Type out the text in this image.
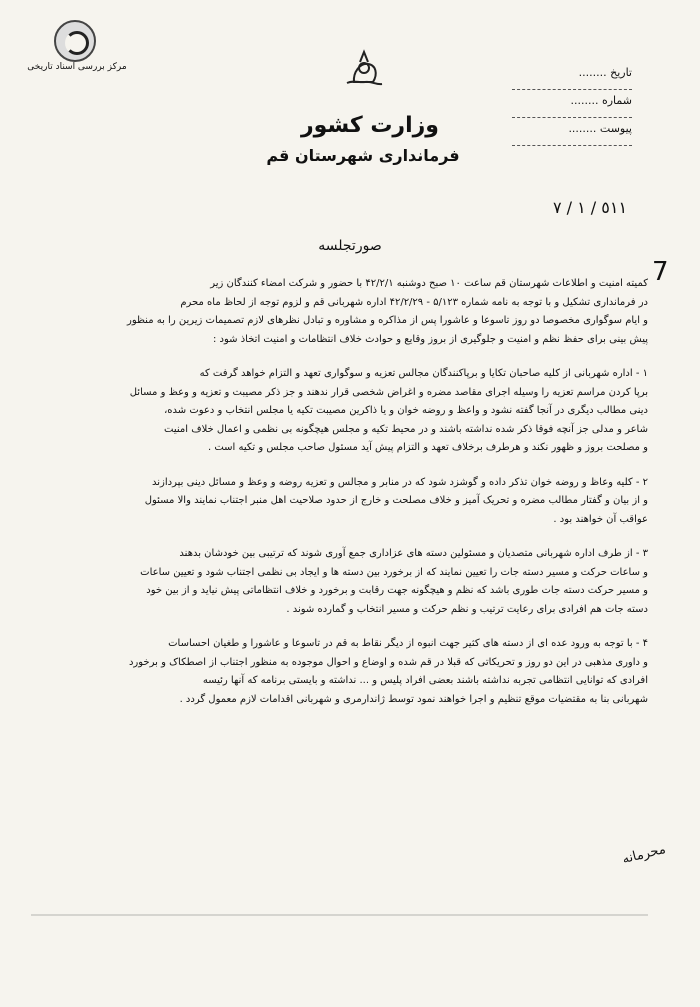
مرکز بررسی اسناد تاریخی	تاریخ ........
شماره ........
پیوست ........
وزارت کشور
فرمانداری شهرستان قم
٥١١ / ١ / ٧
صورتجلسه
7
محرمانه
کمیته امنیت و اطلاعات شهرستان قم ساعت ۱۰ صبح دوشنبه ۴۲/۲/۱ با حضور و شرکت امضاء کنندگان زیر
در فرمانداری تشکیل و با توجه به نامه شماره ۵/۱۲۳ - ۴۲/۲/۲۹ اداره شهربانی قم و لزوم توجه از لحاظ ماه محرم
و ایام سوگواری مخصوصا دو روز تاسوعا و عاشورا پس از مذاکره و مشاوره و تبادل نظرهای لازم تصمیمات زیرین را به منظور
پیش بینی برای حفظ نظم و امنیت و جلوگیری از بروز وقایع و حوادث خلاف انتظامات و امنیت اتخاذ شود :
۱ - اداره شهربانی از کلیه صاحبان تکایا و برپاکنندگان مجالس تعزیه و سوگواری تعهد و التزام خواهد گرفت که
برپا کردن مراسم تعزیه را وسیله اجرای مقاصد مضره و اغراض شخصی قرار ندهند و جز ذکر مصیبت و تعزیه و وعظ و مسائل
دینی مطالب دیگری در آنجا گفته نشود و واعظ و روضه خوان و یا ذاکرین مصیبت تکیه یا مجلس انتخاب و دعوت شده،
شاعر و مدلی جز آنچه فوقا ذکر شده نداشته باشند و در محیط تکیه و مجلس هیچگونه بی نظمی و اعمال خلاف امنیت
و مصلحت بروز و ظهور نکند و هرطرف برخلاف تعهد و التزام پیش آید مسئول صاحب مجلس و تکیه است .
۲ - کلیه وعاظ و روضه خوان تذکر داده و گوشزد شود که در منابر و مجالس و تعزیه روضه و وعظ و مسائل دینی بپردازند
و از بیان و گفتار مطالب مضره و تحریک آمیز و خلاف مصلحت و خارج از حدود صلاحیت اهل منبر اجتناب نمایند والا مسئول
عواقب آن خواهند بود .
۳ - از طرف اداره شهربانی متصدیان و مسئولین دسته های عزاداری جمع آوری شوند که ترتیبی بین خودشان بدهند
و ساعات حرکت و مسیر دسته جات را تعیین نمایند که از برخورد بین دسته ها و ایجاد بی نظمی اجتناب شود و تعیین ساعات
و مسیر حرکت دسته جات طوری باشد که نظم و هیچگونه جهت رقابت و برخورد و خلاف انتظاماتی پیش نیاید و از بین خود
دسته جات هم افرادی برای رعایت ترتیب و نظم حرکت و مسیر انتخاب و گمارده شوند .
۴ - با توجه به ورود عده ای از دسته های کثیر جهت انبوه از دیگر نقاط به قم در تاسوعا و عاشورا و طغیان احساسات
و داوری مذهبی در این دو روز و تحریکاتی که قبلا در قم شده و اوضاع و احوال موجوده به منظور اجتناب از اصطکاک و برخورد
افرادی که توانایی انتظامی تجربه نداشته باشند بعضی افراد پلیس و ... نداشته و بایستی برنامه که آنها رئیسه
شهربانی بنا به مقتضیات موقع تنظیم و اجرا خواهند نمود توسط ژاندارمری و شهربانی اقدامات لازم معمول گردد .
